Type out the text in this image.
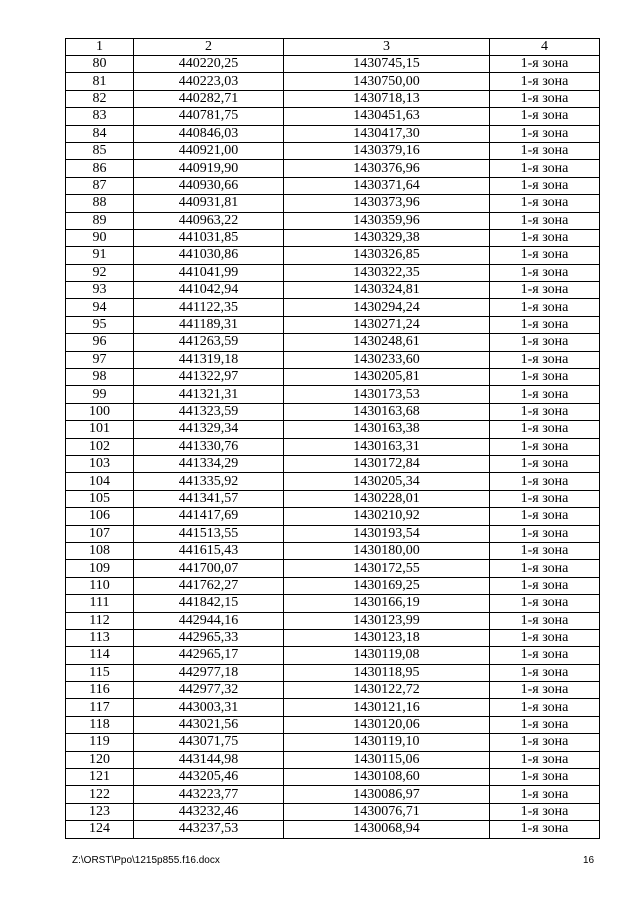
1	2	3	4
80	440220,25	1430745,15	1-я зона
81	440223,03	1430750,00	1-я зона
82	440282,71	1430718,13	1-я зона
83	440781,75	1430451,63	1-я зона
84	440846,03	1430417,30	1-я зона
85	440921,00	1430379,16	1-я зона
86	440919,90	1430376,96	1-я зона
87	440930,66	1430371,64	1-я зона
88	440931,81	1430373,96	1-я зона
89	440963,22	1430359,96	1-я зона
90	441031,85	1430329,38	1-я зона
91	441030,86	1430326,85	1-я зона
92	441041,99	1430322,35	1-я зона
93	441042,94	1430324,81	1-я зона
94	441122,35	1430294,24	1-я зона
95	441189,31	1430271,24	1-я зона
96	441263,59	1430248,61	1-я зона
97	441319,18	1430233,60	1-я зона
98	441322,97	1430205,81	1-я зона
99	441321,31	1430173,53	1-я зона
100	441323,59	1430163,68	1-я зона
101	441329,34	1430163,38	1-я зона
102	441330,76	1430163,31	1-я зона
103	441334,29	1430172,84	1-я зона
104	441335,92	1430205,34	1-я зона
105	441341,57	1430228,01	1-я зона
106	441417,69	1430210,92	1-я зона
107	441513,55	1430193,54	1-я зона
108	441615,43	1430180,00	1-я зона
109	441700,07	1430172,55	1-я зона
110	441762,27	1430169,25	1-я зона
111	441842,15	1430166,19	1-я зона
112	442944,16	1430123,99	1-я зона
113	442965,33	1430123,18	1-я зона
114	442965,17	1430119,08	1-я зона
115	442977,18	1430118,95	1-я зона
116	442977,32	1430122,72	1-я зона
117	443003,31	1430121,16	1-я зона
118	443021,56	1430120,06	1-я зона
119	443071,75	1430119,10	1-я зона
120	443144,98	1430115,06	1-я зона
121	443205,46	1430108,60	1-я зона
122	443223,77	1430086,97	1-я зона
123	443232,46	1430076,71	1-я зона
124	443237,53	1430068,94	1-я зона
Z:\ORST\Ppo\1215p855.f16.docx	16
